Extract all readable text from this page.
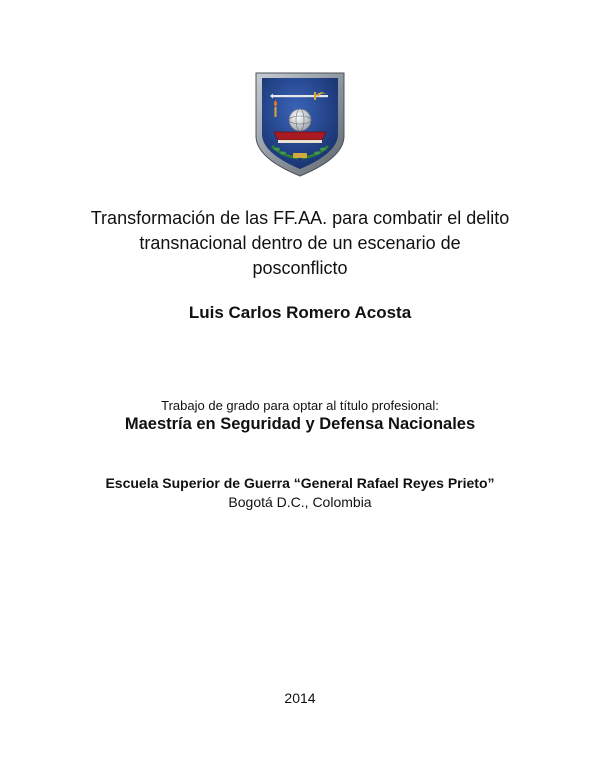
Transformación de las FF.AA. para combatir el delito
transnacional dentro de un escenario de
posconflicto

Luis Carlos Romero Acosta

Trabajo de grado para optar al título profesional:

Maestría en Seguridad y Defensa Nacionales

Escuela Superior de Guerra “General Rafael Reyes Prieto”

Bogotá D.C., Colombia

2014
